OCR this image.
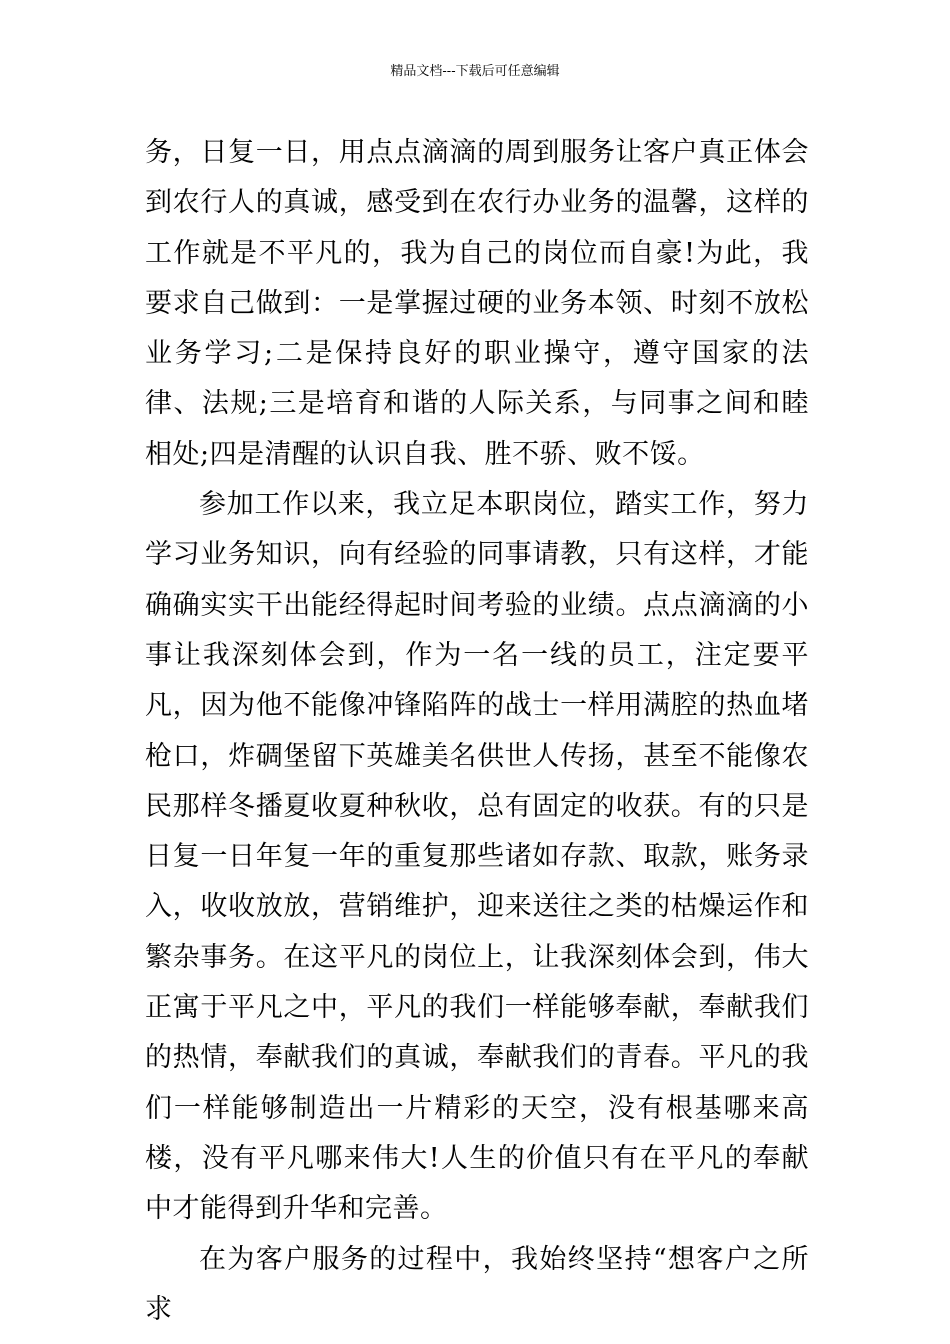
精品文档---下载后可任意编辑

务，日复一日，用点点滴滴的周到服务让客户真正体会到农行人的真诚，感受到在农行办业务的温馨，这样的工作就是不平凡的，我为自己的岗位而自豪!为此，我要求自己做到：一是掌握过硬的业务本领、时刻不放松业务学习;二是保持良好的职业操守，遵守国家的法律、法规;三是培育和谐的人际关系，与同事之间和睦相处;四是清醒的认识自我、胜不骄、败不馁。

参加工作以来，我立足本职岗位，踏实工作，努力学习业务知识，向有经验的同事请教，只有这样，才能确确实实干出能经得起时间考验的业绩。点点滴滴的小事让我深刻体会到，作为一名一线的员工，注定要平凡，因为他不能像冲锋陷阵的战士一样用满腔的热血堵枪口，炸碉堡留下英雄美名供世人传扬，甚至不能像农民那样冬播夏收夏种秋收，总有固定的收获。有的只是日复一日年复一年的重复那些诸如存款、取款，账务录入，收收放放，营销维护，迎来送往之类的枯燥运作和繁杂事务。在这平凡的岗位上，让我深刻体会到，伟大正寓于平凡之中，平凡的我们一样能够奉献，奉献我们的热情，奉献我们的真诚，奉献我们的青春。平凡的我们一样能够制造出一片精彩的天空，没有根基哪来高楼，没有平凡哪来伟大!人生的价值只有在平凡的奉献中才能得到升华和完善。

在为客户服务的过程中，我始终坚持“想客户之所求
